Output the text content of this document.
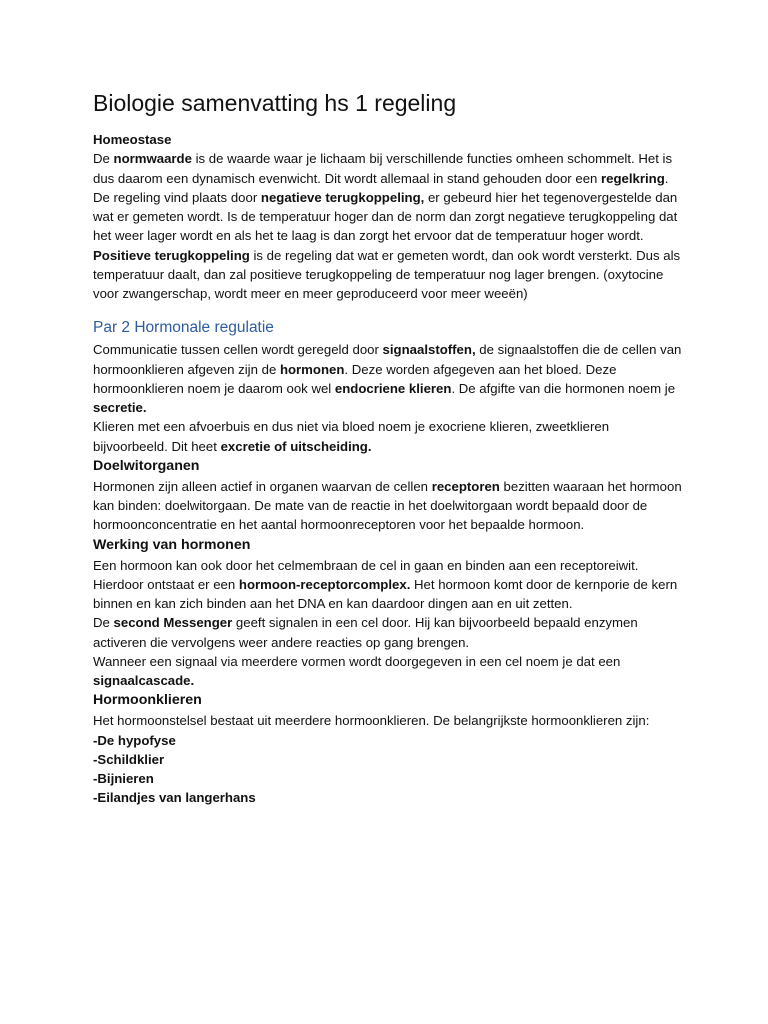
Biologie samenvatting hs 1 regeling

Homeostase

De normwaarde is de waarde waar je lichaam bij verschillende functies omheen schommelt. Het is dus daarom een dynamisch evenwicht. Dit wordt allemaal in stand gehouden door een regelkring.

De regeling vind plaats door negatieve terugkoppeling, er gebeurd hier het tegenovergestelde dan wat er gemeten wordt. Is de temperatuur hoger dan de norm dan zorgt negatieve terugkoppeling dat het weer lager wordt en als het te laag is dan zorgt het ervoor dat de temperatuur hoger wordt.

Positieve terugkoppeling is de regeling dat wat er gemeten wordt, dan ook wordt versterkt. Dus als temperatuur daalt, dan zal positieve terugkoppeling de temperatuur nog lager brengen. (oxytocine voor zwangerschap, wordt meer en meer geproduceerd voor meer weeën)

Par 2 Hormonale regulatie

Communicatie tussen cellen wordt geregeld door signaalstoffen, de signaalstoffen die de cellen van hormoonklieren afgeven zijn de hormonen. Deze worden afgegeven aan het bloed. Deze hormoonklieren noem je daarom ook wel endocriene klieren. De afgifte van die hormonen noem je secretie.

Klieren met een afvoerbuis en dus niet via bloed noem je exocriene klieren, zweetklieren bijvoorbeeld. Dit heet excretie of uitscheiding.

Doelwitorganen

Hormonen zijn alleen actief in organen waarvan de cellen receptoren bezitten waaraan het hormoon kan binden: doelwitorgaan. De mate van de reactie in het doelwitorgaan wordt bepaald door de hormoonconcentratie en het aantal hormoonreceptoren voor het bepaalde hormoon.

Werking van hormonen

Een hormoon kan ook door het celmembraan de cel in gaan en binden aan een receptoreiwit. Hierdoor ontstaat er een hormoon-receptorcomplex. Het hormoon komt door de kernporie de kern binnen en kan zich binden aan het DNA en kan daardoor dingen aan en uit zetten.

De second Messenger geeft signalen in een cel door. Hij kan bijvoorbeeld bepaald enzymen activeren die vervolgens weer andere reacties op gang brengen.

Wanneer een signaal via meerdere vormen wordt doorgegeven in een cel noem je dat een signaalcascade.

Hormoonklieren

Het hormoonstelsel bestaat uit meerdere hormoonklieren. De belangrijkste hormoonklieren zijn:

-De hypofyse
-Schildklier
-Bijnieren
-Eilandjes van langerhans
